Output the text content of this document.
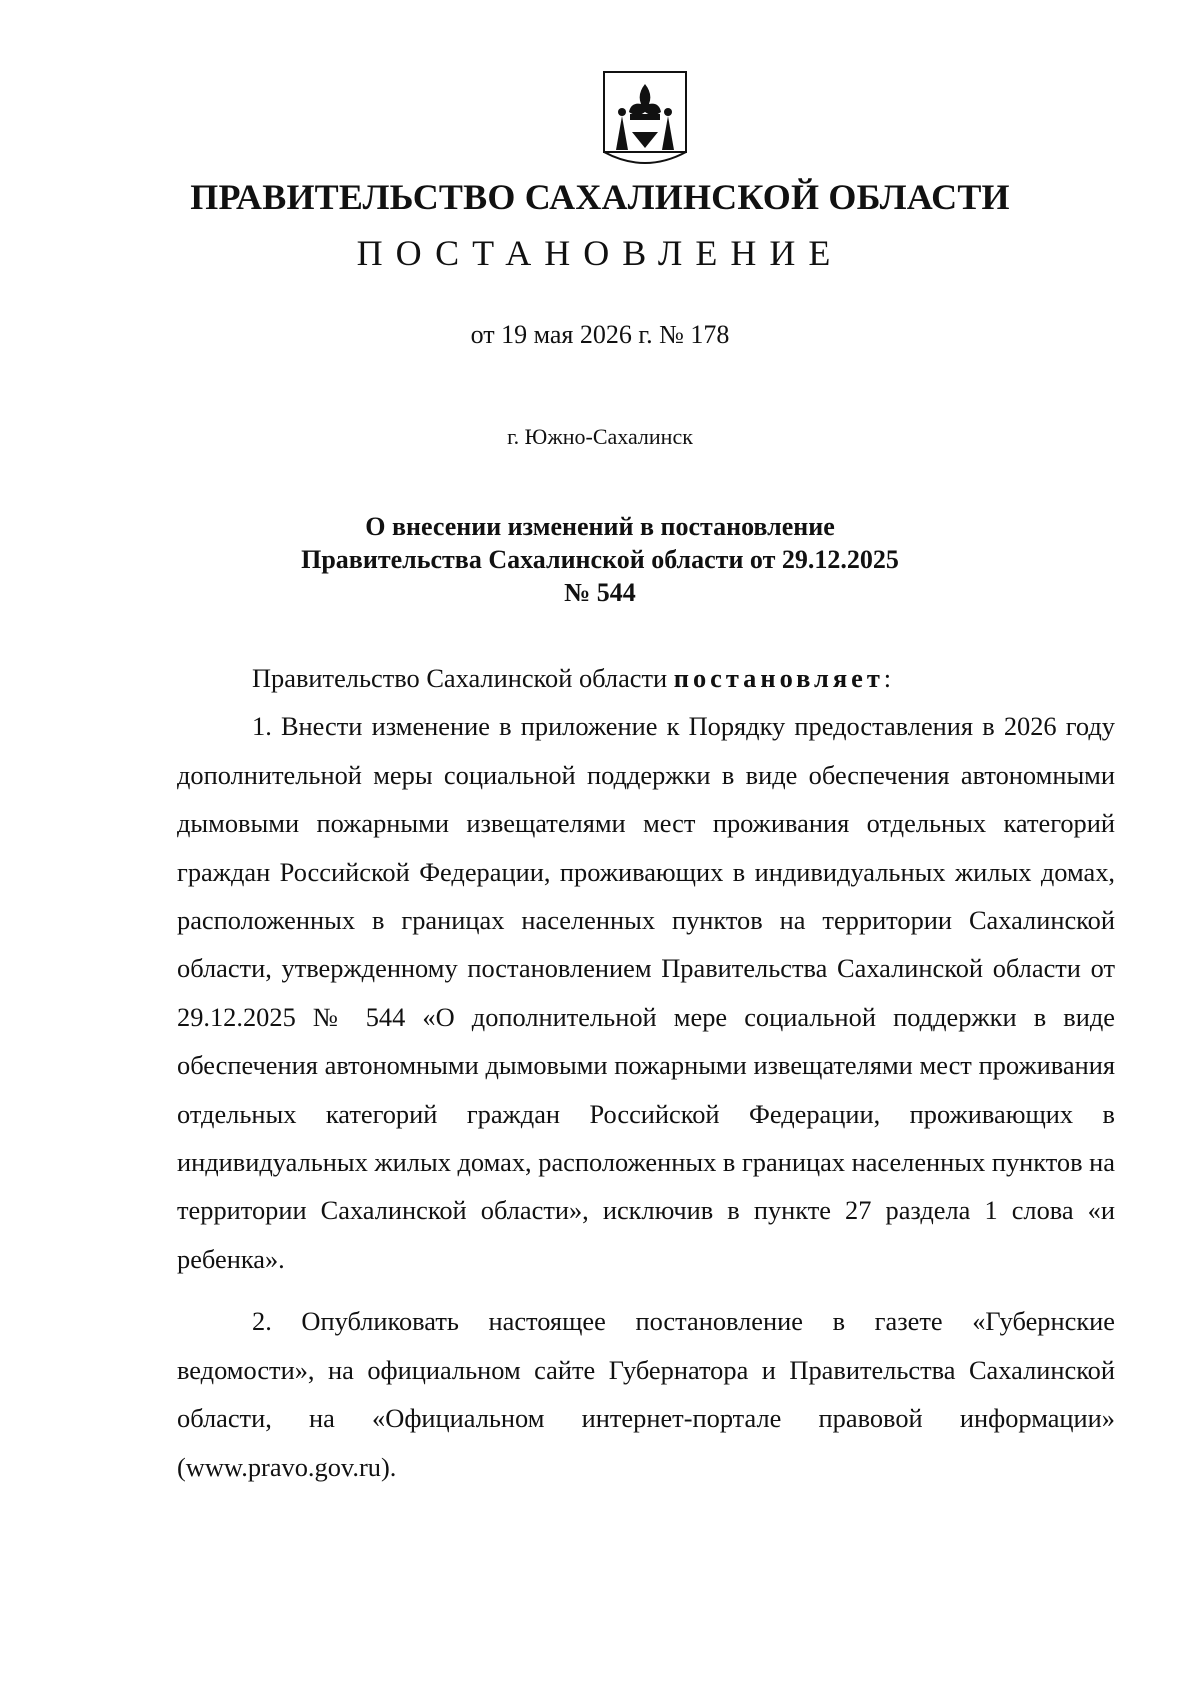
ПРАВИТЕЛЬСТВО САХАЛИНСКОЙ ОБЛАСТИ
ПОСТАНОВЛЕНИЕ
от 19 мая 2026 г. № 178
г. Южно-Сахалинск
О внесении изменений в постановление
Правительства Сахалинской области от 29.12.2025
№ 544

Правительство Сахалинской области постановляет:

1. Внести изменение в приложение к Порядку предоставления в 2026 году дополнительной меры социальной поддержки в виде обеспечения автономными дымовыми пожарными извещателями мест проживания отдельных категорий граждан Российской Федерации, проживающих в индивидуальных жилых домах, расположенных в границах населенных пунктов на территории Сахалинской области, утвержденному постановлением Правительства Сахалинской области от 29.12.2025 № 544 «О дополнительной мере социальной поддержки в виде обеспечения автономными дымовыми пожарными извещателями мест проживания отдельных категорий граждан Российской Федерации, проживающих в индивидуальных жилых домах, расположенных в границах населенных пунктов на территории Сахалинской области», исключив в пункте 27 раздела 1 слова «и ребенка».

2. Опубликовать настоящее постановление в газете «Губернские ведомости», на официальном сайте Губернатора и Правительства Сахалинской области, на «Официальном интернет-портале правовой информации» (www.pravo.gov.ru).
